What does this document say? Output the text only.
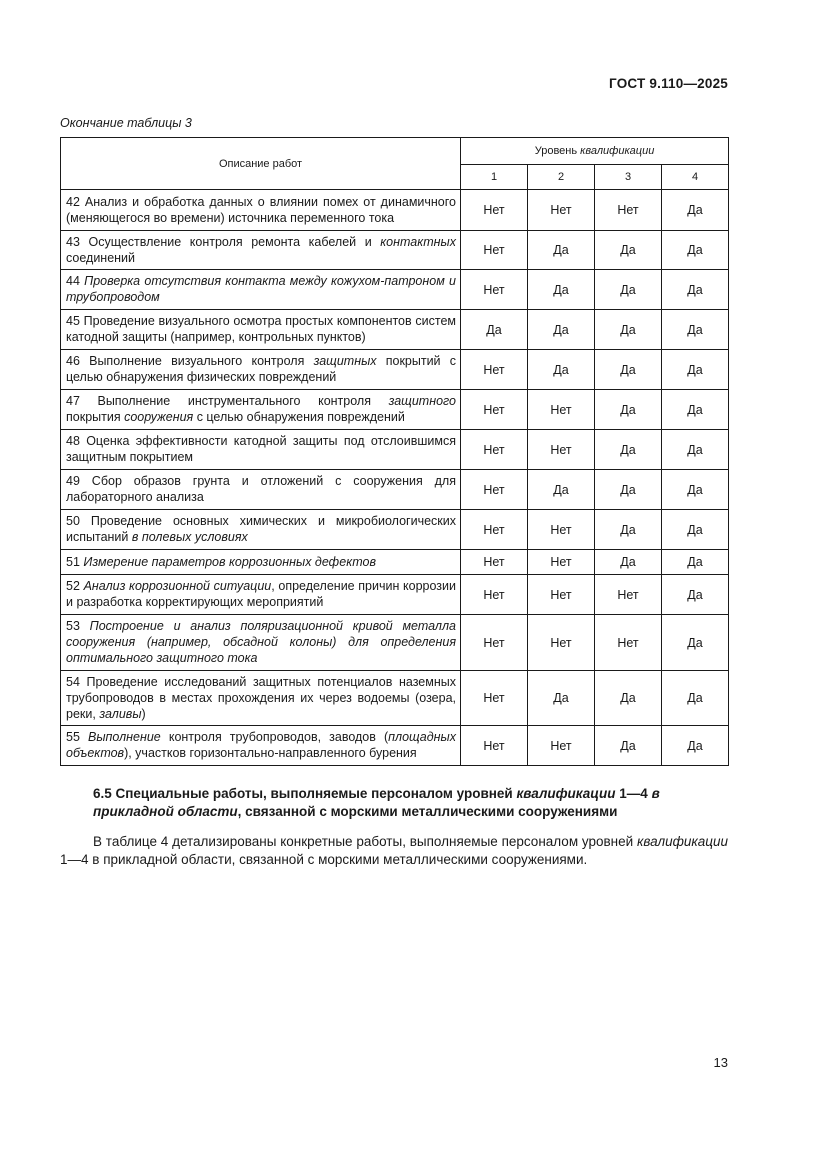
ГОСТ 9.110—2025
Окончание таблицы 3
Описание работ	Уровень квалификации			
	1	2	3	4
42 Анализ и обработка данных о влиянии помех от динамичного (меняющегося во времени) источника переменного тока	Нет	Нет	Нет	Да
43 Осуществление контроля ремонта кабелей и контактных соединений	Нет	Да	Да	Да
44 Проверка отсутствия контакта между кожухом-патроном и трубопроводом	Нет	Да	Да	Да
45 Проведение визуального осмотра простых компонентов систем катодной защиты (например, контрольных пунктов)	Да	Да	Да	Да
46 Выполнение визуального контроля защитных покрытий с целью обнаружения физических повреждений	Нет	Да	Да	Да
47 Выполнение инструментального контроля защитного покрытия сооружения с целью обнаружения повреждений	Нет	Нет	Да	Да
48 Оценка эффективности катодной защиты под отслоившимся защитным покрытием	Нет	Нет	Да	Да
49 Сбор образов грунта и отложений с сооружения для лабораторного анализа	Нет	Да	Да	Да
50 Проведение основных химических и микробиологических испытаний в полевых условиях	Нет	Нет	Да	Да
51 Измерение параметров коррозионных дефектов	Нет	Нет	Да	Да
52 Анализ коррозионной ситуации, определение причин коррозии и разработка корректирующих мероприятий	Нет	Нет	Нет	Да
53 Построение и анализ поляризационной кривой металла сооружения (например, обсадной колоны) для определения оптимального защитного тока	Нет	Нет	Нет	Да
54 Проведение исследований защитных потенциалов наземных трубопроводов в местах прохождения их через водоемы (озера, реки, заливы)	Нет	Да	Да	Да
55 Выполнение контроля трубопроводов, заводов (площадных объектов), участков горизонтально-направленного бурения	Нет	Нет	Да	Да

6.5 Специальные работы, выполняемые персоналом уровней квалификации 1—4 в прикладной области, связанной с морскими металлическими сооружениями

В таблице 4 детализированы конкретные работы, выполняемые персоналом уровней квалификации 1—4 в прикладной области, связанной с морскими металлическими сооружениями.

13
